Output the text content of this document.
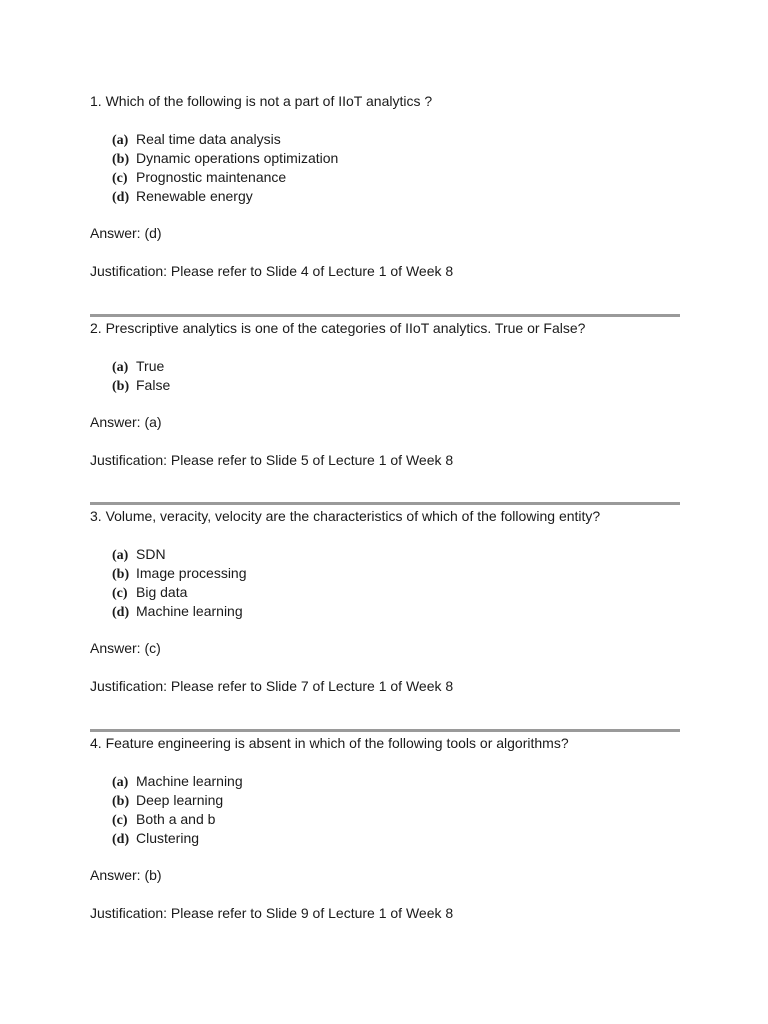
1. Which of the following is not a part of IIoT analytics ?
(a) Real time data analysis
(b) Dynamic operations optimization
(c) Prognostic maintenance
(d) Renewable energy
Answer: (d)
Justification: Please refer to Slide 4 of Lecture 1 of Week 8
2. Prescriptive analytics is one of the categories of IIoT analytics. True or False?
(a) True
(b) False
Answer: (a)
Justification: Please refer to Slide 5 of Lecture 1 of Week 8
3. Volume, veracity, velocity are the characteristics of which of the following entity?
(a) SDN
(b) Image processing
(c) Big data
(d) Machine learning
Answer: (c)
Justification: Please refer to Slide 7 of Lecture 1 of Week 8
4. Feature engineering is absent in which of the following tools or algorithms?
(a) Machine learning
(b) Deep learning
(c) Both a and b
(d) Clustering
Answer: (b)
Justification: Please refer to Slide 9 of Lecture 1 of Week 8
